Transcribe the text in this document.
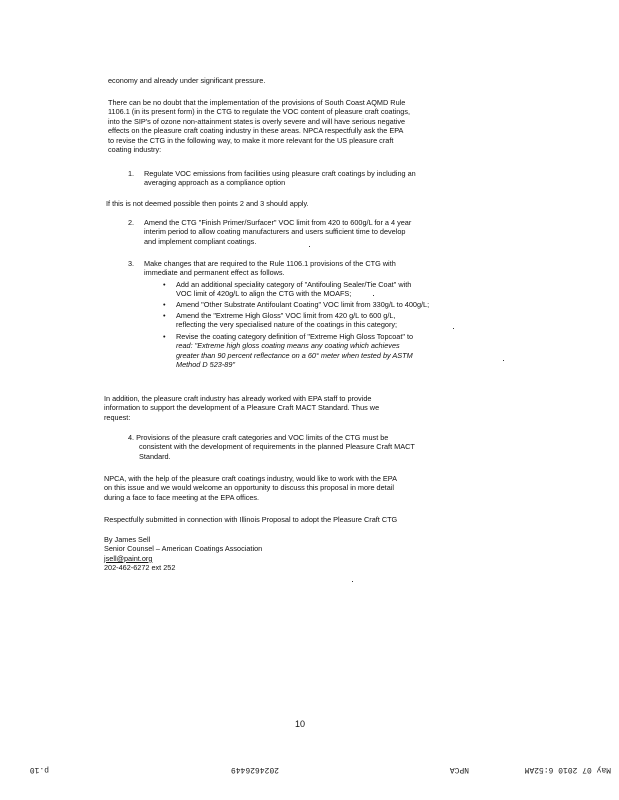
economy and already under significant pressure.

There can be no doubt that the implementation of the provisions of South Coast AQMD Rule
1106.1 (in its present form) in the CTG to regulate the VOC content of pleasure craft coatings,
into the SIP's of ozone non-attainment states is overly severe and will have serious negative
effects on the pleasure craft coating industry in these areas. NPCA respectfully ask the EPA
to revise the CTG in the following way, to make it more relevant for the US pleasure craft
coating industry:

1. Regulate VOC emissions from facilities using pleasure craft coatings by including an
averaging approach as a compliance option

If this is not deemed possible then points 2 and 3 should apply.

2. Amend the CTG "Finish Primer/Surfacer" VOC limit from 420 to 600g/L for a 4 year
interim period to allow coating manufacturers and users sufficient time to develop
and implement compliant coatings.

3. Make changes that are required to the Rule 1106.1 provisions of the CTG with
immediate and permanent effect as follows.

• Add an additional speciality category of "Antifouling Sealer/Tie Coat" with
VOC limit of 420g/L to align the CTG with the MOAFS;

• Amend "Other Substrate Antifoulant Coating" VOC limit from 330g/L to 400g/L;

• Amend the "Extreme High Gloss" VOC limit from 420 g/L to 600 g/L,
reflecting the very specialised nature of the coatings in this category;

• Revise the coating category definition of "Extreme High Gloss Topcoat" to
read: "Extreme high gloss coating means any coating which achieves
greater than 90 percent reflectance on a 60° meter when tested by ASTM
Method D 523-89"

In addition, the pleasure craft industry has already worked with EPA staff to provide
information to support the development of a Pleasure Craft MACT Standard. Thus we
request:

4. Provisions of the pleasure craft categories and VOC limits of the CTG must be
consistent with the development of requirements in the planned Pleasure Craft MACT
Standard.

NPCA, with the help of the pleasure craft coatings industry, would like to work with the EPA
on this issue and we would welcome an opportunity to discuss this proposal in more detail
during a face to face meeting at the EPA offices.

Respectfully submitted in connection with Illinois Proposal to adopt the Pleasure Craft CTG

By James Sell
Senior Counsel – American Coatings Association
jsell@paint.org
202-462-6272 ext 252

10
May 07 2010 6:52AM
NPCA
2024626449
p.10
